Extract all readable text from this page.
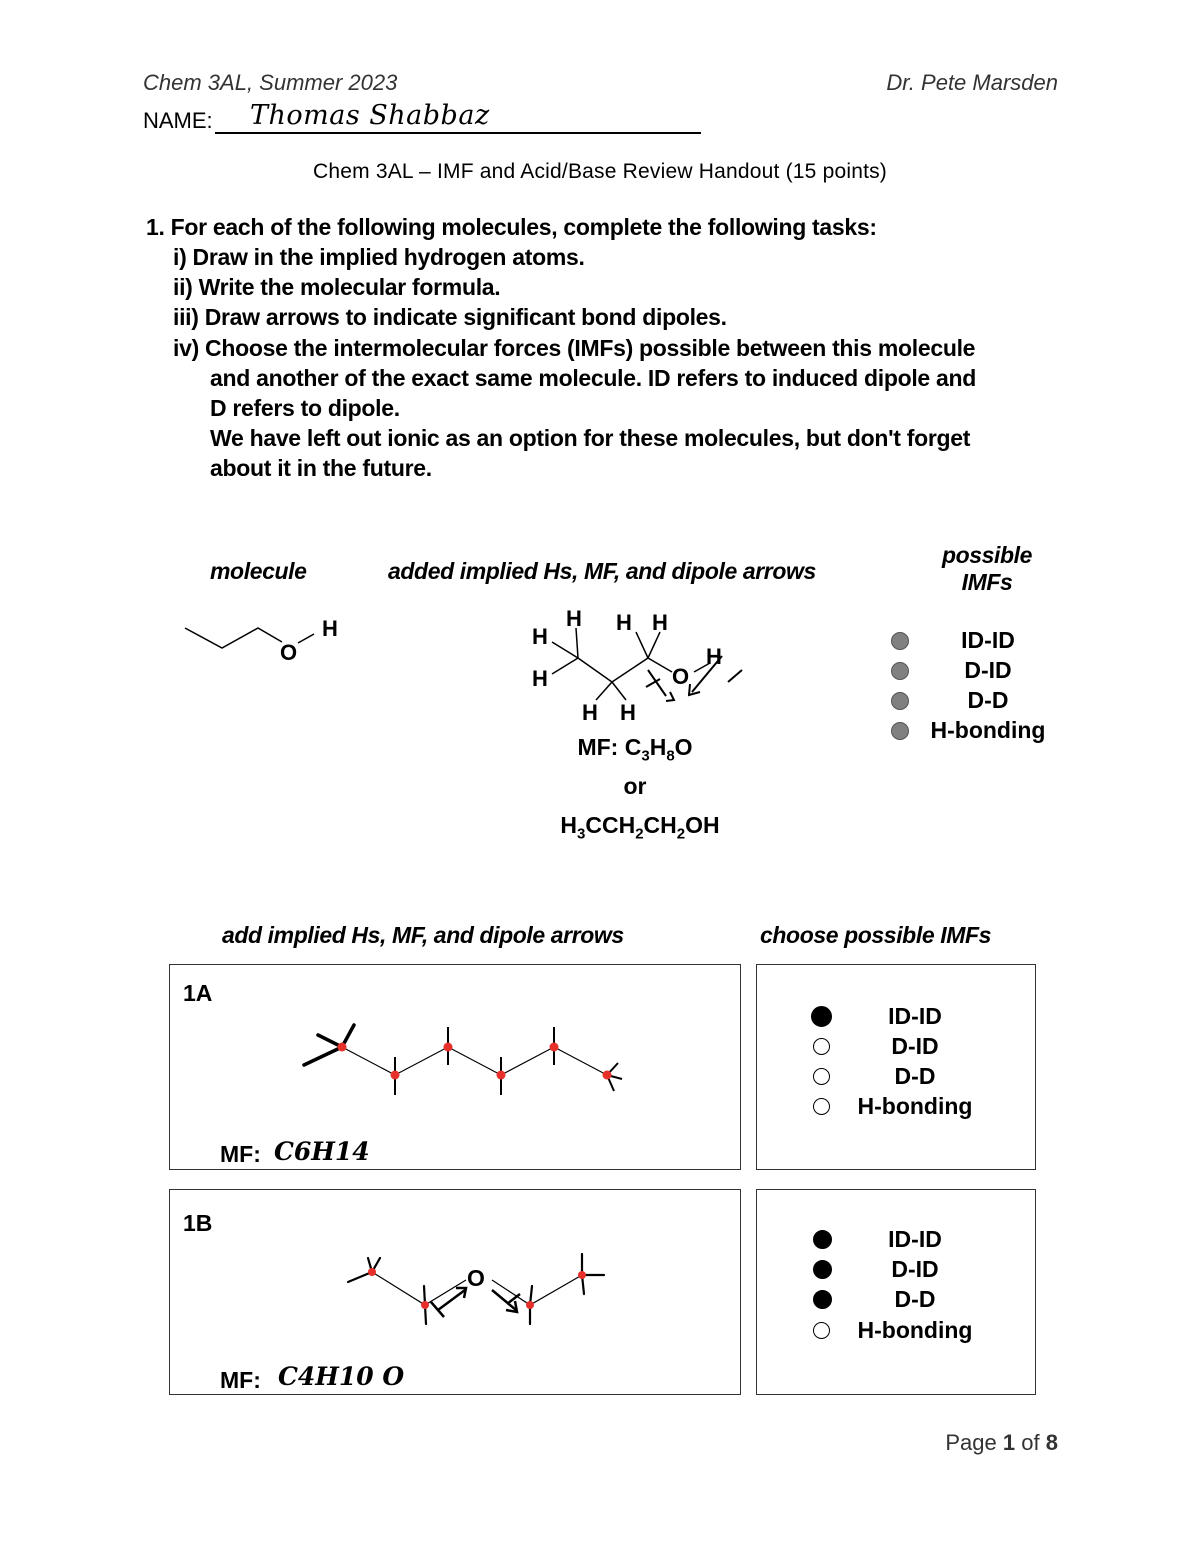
Chem 3AL, Summer 2023	Dr. Pete Marsden
NAME: Thomas Shabbaz
Chem 3AL – IMF and Acid/Base Review Handout (15 points)
1. For each of the following molecules, complete the following tasks:
i) Draw in the implied hydrogen atoms.
ii) Write the molecular formula.
iii) Draw arrows to indicate significant bond dipoles.
iv) Choose the intermolecular forces (IMFs) possible between this molecule
and another of the exact same molecule. ID refers to induced dipole and
D refers to dipole.
We have left out ionic as an option for these molecules, but don't forget
about it in the future.
molecule	added implied Hs, MF, and dipole arrows
possible
IMFs
O
H	H
H
H
H H
H H
O
H
MF: $C_3H_8O$
or
$H_3CCH_2CH_2OH$
ID-ID
D-ID
D-D
H-bonding
add implied Hs, MF, and dipole arrows	choose possible IMFs
1A
MF: C6H14
ID-ID
D-ID
D-D
H-bonding
1B
O
MF: C4H10 O
ID-ID
D-ID
D-D
H-bonding
Page 1 of 8
